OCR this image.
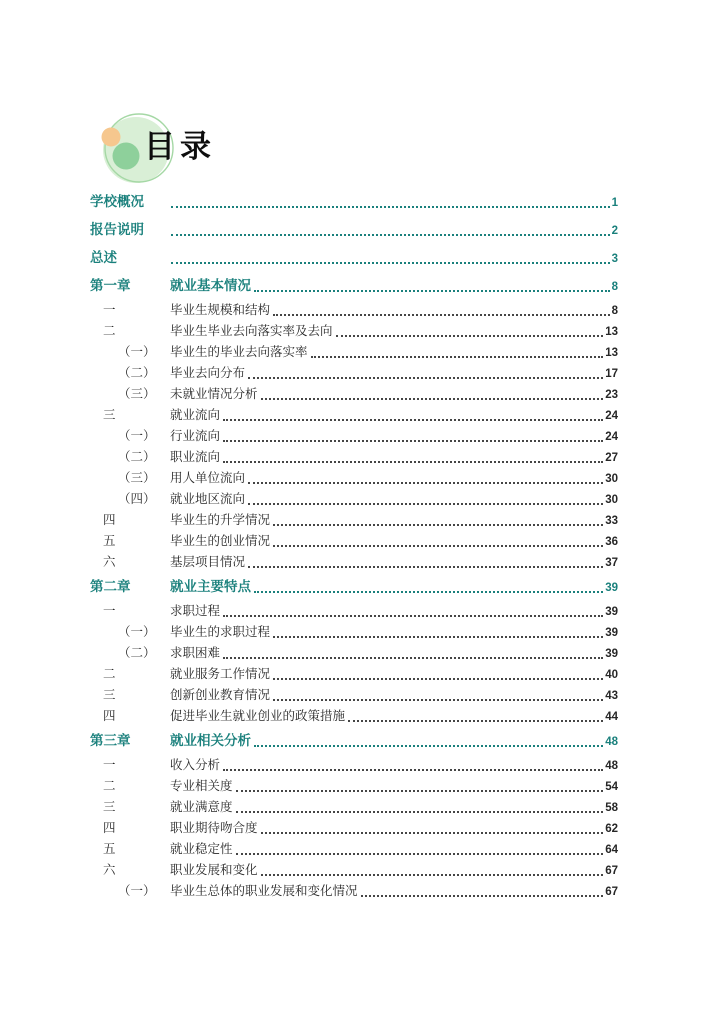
目录
学校概况	1
报告说明	2
总述	3
第一章	就业基本情况	8
一	毕业生规模和结构	8
二	毕业生毕业去向落实率及去向	13
（一）	毕业生的毕业去向落实率	13
（二）	毕业去向分布	17
（三）	未就业情况分析	23
三	就业流向	24
（一）	行业流向	24
（二）	职业流向	27
（三）	用人单位流向	30
（四）	就业地区流向	30
四	毕业生的升学情况	33
五	毕业生的创业情况	36
六	基层项目情况	37
第二章	就业主要特点	39
一	求职过程	39
（一）	毕业生的求职过程	39
（二）	求职困难	39
二	就业服务工作情况	40
三	创新创业教育情况	43
四	促进毕业生就业创业的政策措施	44
第三章	就业相关分析	48
一	收入分析	48
二	专业相关度	54
三	就业满意度	58
四	职业期待吻合度	62
五	就业稳定性	64
六	职业发展和变化	67
（一）	毕业生总体的职业发展和变化情况	67
